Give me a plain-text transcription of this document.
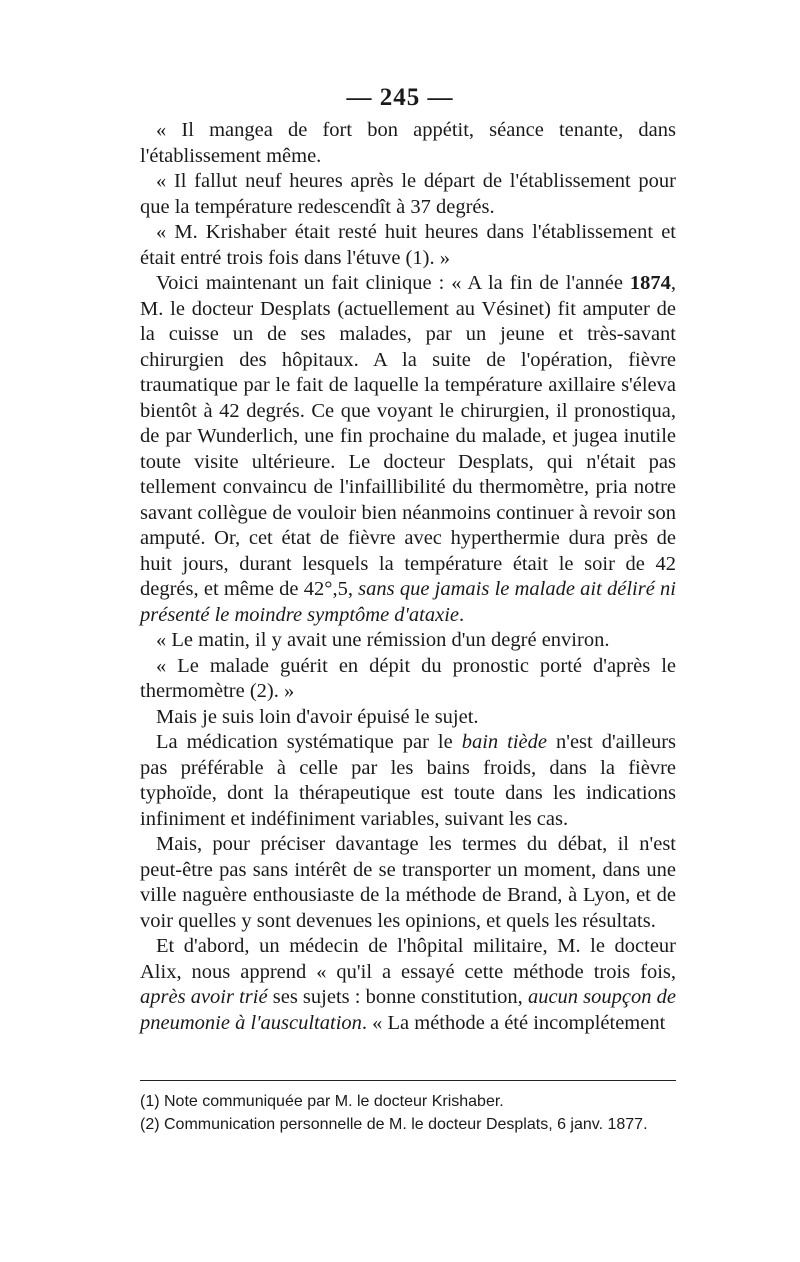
— 245 —

« Il mangea de fort bon appétit, séance tenante, dans l'établissement même.

« Il fallut neuf heures après le départ de l'établissement pour que la température redescendît à 37 degrés.

« M. Krishaber était resté huit heures dans l'établissement et était entré trois fois dans l'étuve (1). »

Voici maintenant un fait clinique : « A la fin de l'année 1874, M. le docteur Desplats (actuellement au Vésinet) fit amputer de la cuisse un de ses malades, par un jeune et très-savant chirurgien des hôpitaux. A la suite de l'opération, fièvre traumatique par le fait de laquelle la température axillaire s'éleva bientôt à 42 degrés. Ce que voyant le chirurgien, il pronostiqua, de par Wunderlich, une fin prochaine du malade, et jugea inutile toute visite ultérieure. Le docteur Desplats, qui n'était pas tellement convaincu de l'infaillibilité du thermomètre, pria notre savant collègue de vouloir bien néanmoins continuer à revoir son amputé. Or, cet état de fièvre avec hyperthermie dura près de huit jours, durant lesquels la température était le soir de 42 degrés, et même de 42°,5, sans que jamais le malade ait déliré ni présenté le moindre symptôme d'ataxie.

« Le matin, il y avait une rémission d'un degré environ.

« Le malade guérit en dépit du pronostic porté d'après le thermomètre (2). »

Mais je suis loin d'avoir épuisé le sujet.

La médication systématique par le bain tiède n'est d'ailleurs pas préférable à celle par les bains froids, dans la fièvre typhoïde, dont la thérapeutique est toute dans les indications infiniment et indéfiniment variables, suivant les cas.

Mais, pour préciser davantage les termes du débat, il n'est peut-être pas sans intérêt de se transporter un moment, dans une ville naguère enthousiaste de la méthode de Brand, à Lyon, et de voir quelles y sont devenues les opinions, et quels les résultats.

Et d'abord, un médecin de l'hôpital militaire, M. le docteur Alix, nous apprend « qu'il a essayé cette méthode trois fois, après avoir trié ses sujets : bonne constitution, aucun soupçon de pneumonie à l'auscultation. « La méthode a été incomplétement

(1) Note communiquée par M. le docteur Krishaber.
(2) Communication personnelle de M. le docteur Desplats, 6 janv. 1877.
